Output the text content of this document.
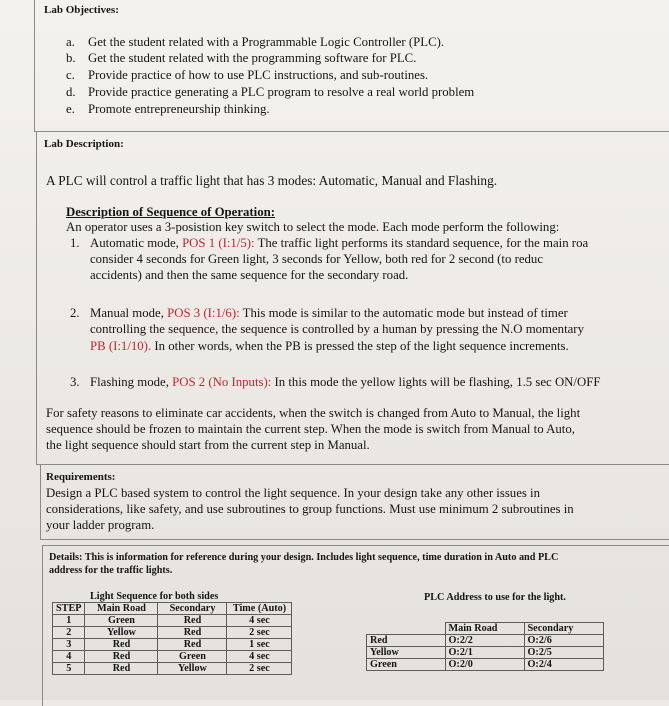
Lab Objectives:
a. Get the student related with a Programmable Logic Controller (PLC).
b. Get the student related with the programming software for PLC.
c. Provide practice of how to use PLC instructions, and sub-routines.
d. Provide practice generating a PLC program to resolve a real world problem
e. Promote entrepreneurship thinking.
Lab Description:
A PLC will control a traffic light that has 3 modes: Automatic, Manual and Flashing.
Description of Sequence of Operation:
An operator uses a 3-posistion key switch to select the mode. Each mode perform the following:
1. Automatic mode, POS 1 (I:1/5): The traffic light performs its standard sequence, for the main roa
consider 4 seconds for Green light, 3 seconds for Yellow, both red for 2 second (to reduc
accidents) and then the same sequence for the secondary road.
2. Manual mode, POS 3 (I:1/6): This mode is similar to the automatic mode but instead of timer
controlling the sequence, the sequence is controlled by a human by pressing the N.O momentary
PB (I:1/10). In other words, when the PB is pressed the step of the light sequence increments.
3. Flashing mode, POS 2 (No Inputs): In this mode the yellow lights will be flashing, 1.5 sec ON/OFF
For safety reasons to eliminate car accidents, when the switch is changed from Auto to Manual, the light
sequence should be frozen to maintain the current step. When the mode is switch from Manual to Auto,
the light sequence should start from the current step in Manual.
Requirements:
Design a PLC based system to control the light sequence. In your design take any other issues in
considerations, like safety, and use subroutines to group functions. Must use minimum 2 subroutines in
your ladder program.
Details: This is information for reference during your design. Includes light sequence, time duration in Auto and PLC
address for the traffic lights.
Light Sequence for both sides	PLC Address to use for the light.
STEP	Main Road	Secondary	Time (Auto)
1	Green	Red	4 sec
2	Yellow	Red	2 sec
3	Red	Red	1 sec
4	Red	Green	4 sec
5	Red	Yellow	2 sec
	Main Road	Secondary
Red	O:2/2	O:2/6
Yellow	O:2/1	O:2/5
Green	O:2/0	O:2/4
